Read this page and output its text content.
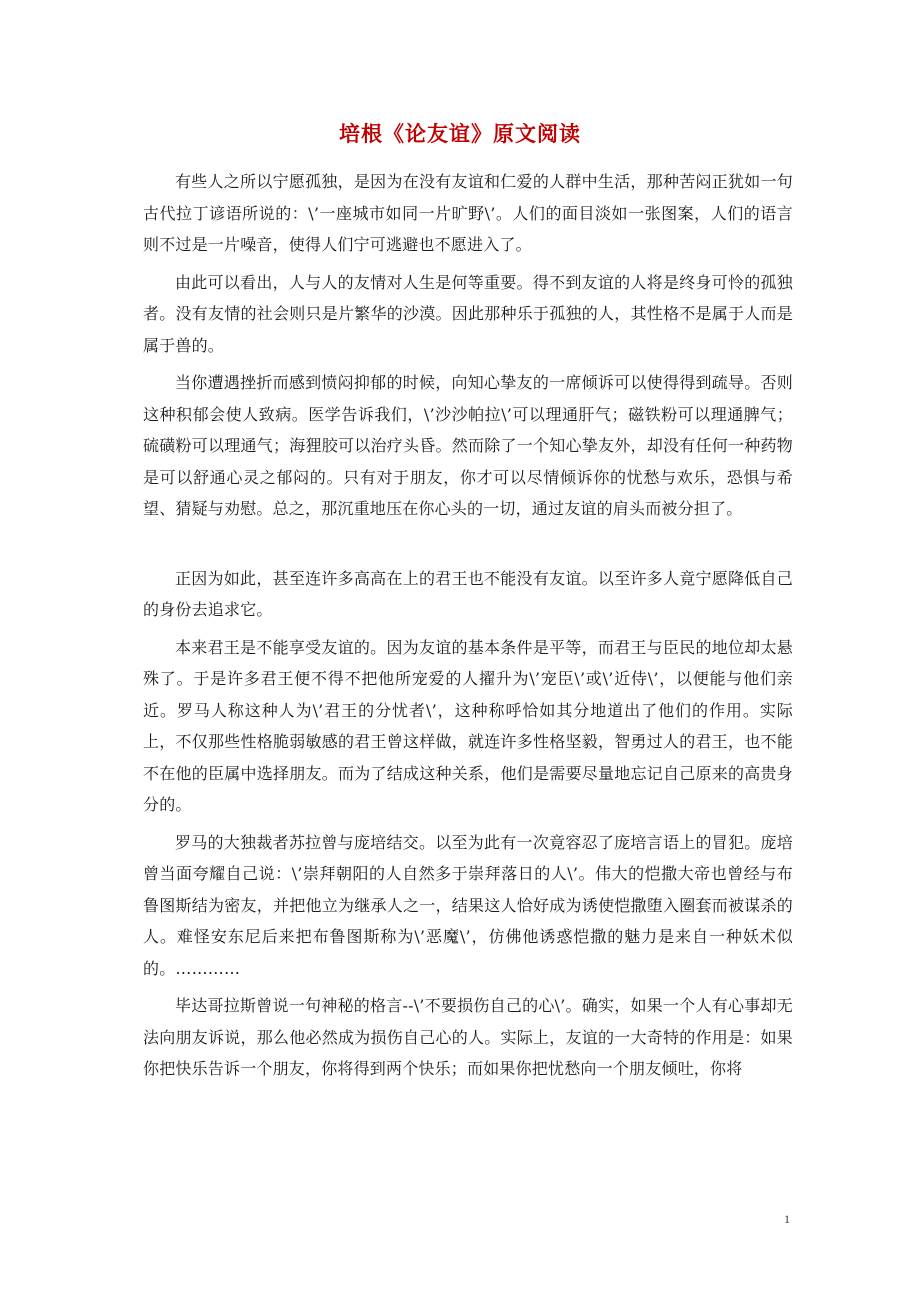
培根《论友谊》原文阅读

有些人之所以宁愿孤独，是因为在没有友谊和仁爱的人群中生活，那种苦闷正犹如一句古代拉丁谚语所说的：\’一座城市如同一片旷野\’。人们的面目淡如一张图案，人们的语言则不过是一片噪音，使得人们宁可逃避也不愿进入了。

由此可以看出，人与人的友情对人生是何等重要。得不到友谊的人将是终身可怜的孤独者。没有友情的社会则只是片繁华的沙漠。因此那种乐于孤独的人，其性格不是属于人而是属于兽的。

当你遭遇挫折而感到愤闷抑郁的时候，向知心挚友的一席倾诉可以使得得到疏导。否则这种积郁会使人致病。医学告诉我们，\’沙沙帕拉\’可以理通肝气；磁铁粉可以理通脾气；硫磺粉可以理通气；海狸胶可以治疗头昏。然而除了一个知心挚友外，却没有任何一种药物是可以舒通心灵之郁闷的。只有对于朋友，你才可以尽情倾诉你的忧愁与欢乐，恐惧与希望、猜疑与劝慰。总之，那沉重地压在你心头的一切，通过友谊的肩头而被分担了。

正因为如此，甚至连许多高高在上的君王也不能没有友谊。以至许多人竟宁愿降低自己的身份去追求它。

本来君王是不能享受友谊的。因为友谊的基本条件是平等，而君王与臣民的地位却太悬殊了。于是许多君王便不得不把他所宠爱的人擢升为\’宠臣\’或\’近侍\’，以便能与他们亲近。罗马人称这种人为\’君王的分忧者\’，这种称呼恰如其分地道出了他们的作用。实际上，不仅那些性格脆弱敏感的君王曾这样做，就连许多性格坚毅，智勇过人的君王，也不能不在他的臣属中选择朋友。而为了结成这种关系，他们是需要尽量地忘记自己原来的高贵身分的。

罗马的大独裁者苏拉曾与庞培结交。以至为此有一次竟容忍了庞培言语上的冒犯。庞培曾当面夸耀自己说：\’崇拜朝阳的人自然多于崇拜落日的人\’。伟大的恺撒大帝也曾经与布鲁图斯结为密友，并把他立为继承人之一，结果这人恰好成为诱使恺撒堕入圈套而被谋杀的人。难怪安东尼后来把布鲁图斯称为\’恶魔\’，仿佛他诱惑恺撒的魅力是来自一种妖术似的。…………

毕达哥拉斯曾说一句神秘的格言--\’不要损伤自己的心\’。确实，如果一个人有心事却无法向朋友诉说，那么他必然成为损伤自己心的人。实际上，友谊的一大奇特的作用是：如果你把快乐告诉一个朋友，你将得到两个快乐；而如果你把忧愁向一个朋友倾吐，你将

1
